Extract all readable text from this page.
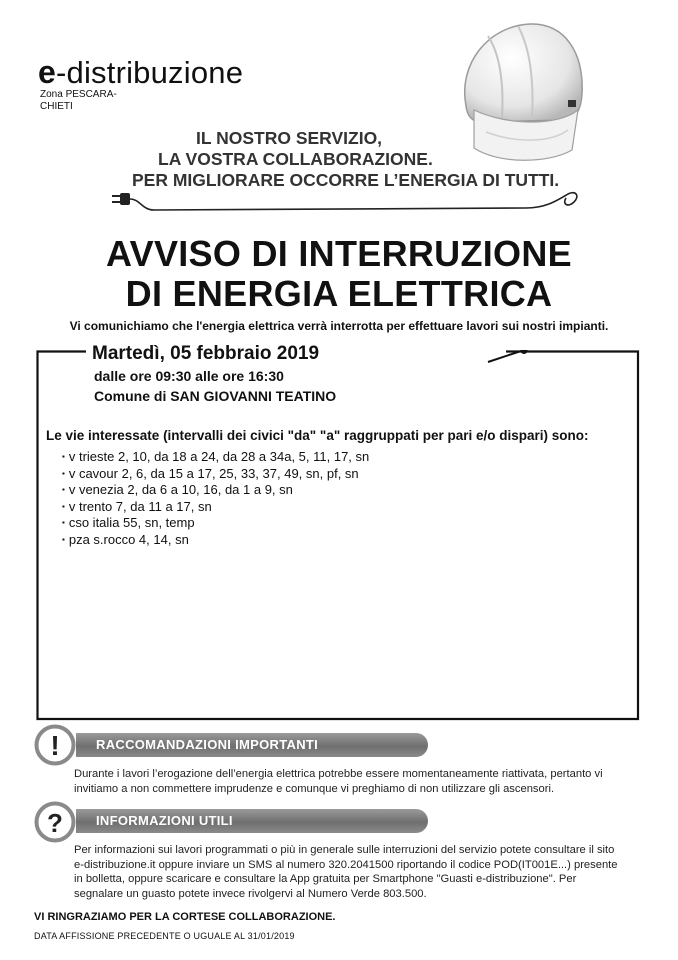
e-distribuzione
Zona PESCARA-
CHIETI
IL NOSTRO SERVIZIO,
LA VOSTRA COLLABORAZIONE.
PER MIGLIORARE OCCORRE L’ENERGIA DI TUTTI.
AVVISO DI INTERRUZIONE
DI ENERGIA ELETTRICA
Vi comunichiamo che l'energia elettrica verrà interrotta per effettuare lavori sui nostri impianti.
Martedì, 05 febbraio 2019
dalle ore 09:30 alle ore 16:30
Comune di SAN GIOVANNI TEATINO
Le vie interessate (intervalli dei civici "da" "a" raggruppati per pari e/o dispari) sono:
▪ v trieste 2, 10, da 18 a 24, da 28 a 34a, 5, 11, 17, sn
▪ v cavour 2, 6, da 15 a 17, 25, 33, 37, 49, sn, pf, sn
▪ v venezia 2, da 6 a 10, 16, da 1 a 9, sn
▪ v trento 7, da 11 a 17, sn
▪ cso italia 55, sn, temp
▪ pza s.rocco 4, 14, sn
!	RACCOMANDAZIONI IMPORTANTI
Durante i lavori l’erogazione dell’energia elettrica potrebbe essere momentaneamente riattivata, pertanto vi invitiamo a non commettere imprudenze e comunque vi preghiamo di non utilizzare gli ascensori.
?	INFORMAZIONI UTILI
Per informazioni sui lavori programmati o più in generale sulle interruzioni del servizio potete consultare il sito e-distribuzione.it oppure inviare un SMS al numero 320.2041500 riportando il codice POD(IT001E...) presente in bolletta, oppure scaricare e consultare la App gratuita per Smartphone "Guasti e-distribuzione". Per segnalare un guasto potete invece rivolgervi al Numero Verde 803.500.
VI RINGRAZIAMO PER LA CORTESE COLLABORAZIONE.
DATA AFFISSIONE PRECEDENTE O UGUALE AL 31/01/2019
